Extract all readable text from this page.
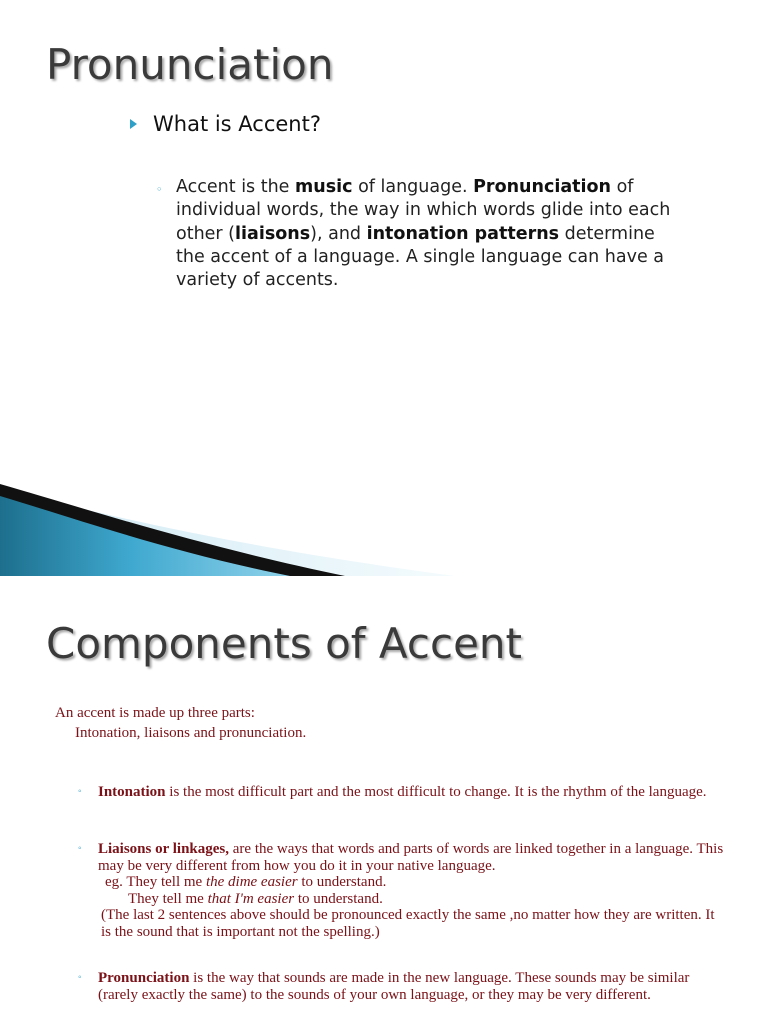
Pronunciation
What is Accent?
◦ Accent is the music of language. Pronunciation of individual words, the way in which words glide into each other (liaisons), and intonation patterns determine the accent of a language. A single language can have a variety of accents.
Components of Accent
An accent is made up three parts:
Intonation, liaisons and pronunciation.
◦	Intonation is the most difficult part and the most difficult to change. It is the rhythm of the language.
◦	Liaisons or linkages, are the ways that words and parts of words are linked together in a language. This may be very different from how you do it in your native language.
eg. They tell me the dime easier to understand.
They tell me that I'm easier to understand.
(The last 2 sentences above should be pronounced exactly the same ,no matter how they are written. It is the sound that is important not the spelling.)
◦	Pronunciation is the way that sounds are made in the new language. These sounds may be similar (rarely exactly the same) to the sounds of your own language, or they may be very different.
